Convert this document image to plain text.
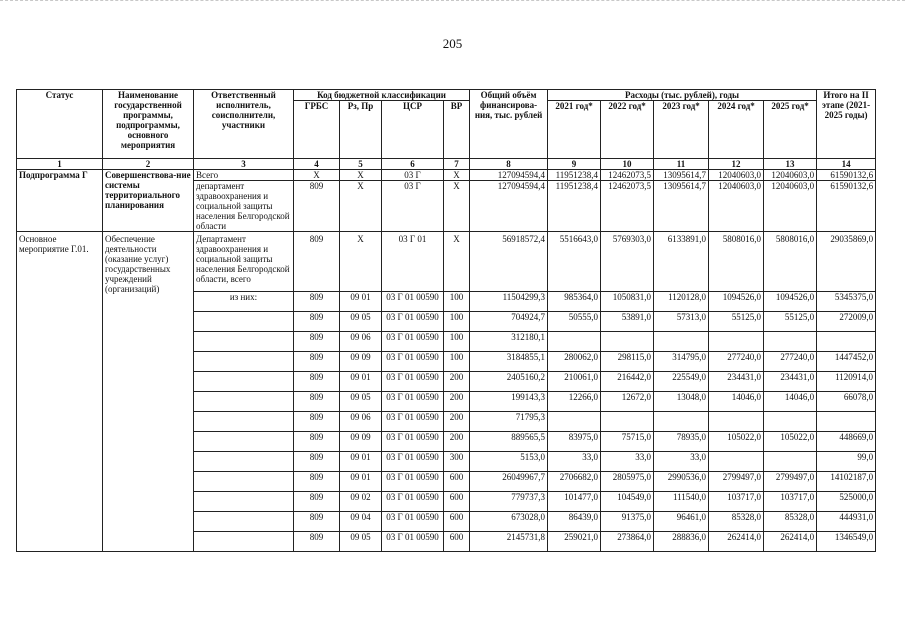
205
Статус	Наименование государственной программы, подпрограммы, основного мероприятия	Ответственный исполнитель, соисполнители, участники	Код бюджетной классификации				Общий объём финансирова-ния, тыс. рублей	Расходы (тыс. рублей), годы					Итого на II этапе (2021-2025 годы)
			ГРБС	Рз, Пр	ЦСР	ВР		2021 год*	2022 год*	2023 год*	2024 год*	2025 год*	
1	2	3	4	5	6	7	8	9	10	11	12	13	14
Подпрограмма Г	Совершенствова-ние системы территориального планирования	Всего	Х	Х	03 Г	Х	127094594,4	11951238,4	12462073,5	13095614,7	12040603,0	12040603,0	61590132,6
		департамент здравоохранения и социальной защиты населения Белгородской области	809	Х	03 Г	Х	127094594,4	11951238,4	12462073,5	13095614,7	12040603,0	12040603,0	61590132,6
Основное мероприятие Г.01.	Обеспечение деятельности (оказание услуг) государственных учреждений (организаций)	Департамент здравоохранения и социальной защиты населения Белгородской области, всего	809	Х	03 Г 01	Х	56918572,4	5516643,0	5769303,0	6133891,0	5808016,0	5808016,0	29035869,0
		из них:	809	09 01	03 Г 01 00590	100	11504299,3	985364,0	1050831,0	1120128,0	1094526,0	1094526,0	5345375,0
			809	09 05	03 Г 01 00590	100	704924,7	50555,0	53891,0	57313,0	55125,0	55125,0	272009,0
			809	09 06	03 Г 01 00590	100	312180,1						
			809	09 09	03 Г 01 00590	100	3184855,1	280062,0	298115,0	314795,0	277240,0	277240,0	1447452,0
			809	09 01	03 Г 01 00590	200	2405160,2	210061,0	216442,0	225549,0	234431,0	234431,0	1120914,0
			809	09 05	03 Г 01 00590	200	199143,3	12266,0	12672,0	13048,0	14046,0	14046,0	66078,0
			809	09 06	03 Г 01 00590	200	71795,3						
			809	09 09	03 Г 01 00590	200	889565,5	83975,0	75715,0	78935,0	105022,0	105022,0	448669,0
			809	09 01	03 Г 01 00590	300	5153,0	33,0	33,0	33,0			99,0
			809	09 01	03 Г 01 00590	600	26049967,7	2706682,0	2805975,0	2990536,0	2799497,0	2799497,0	14102187,0
			809	09 02	03 Г 01 00590	600	779737,3	101477,0	104549,0	111540,0	103717,0	103717,0	525000,0
			809	09 04	03 Г 01 00590	600	673028,0	86439,0	91375,0	96461,0	85328,0	85328,0	444931,0
			809	09 05	03 Г 01 00590	600	2145731,8	259021,0	273864,0	288836,0	262414,0	262414,0	1346549,0
